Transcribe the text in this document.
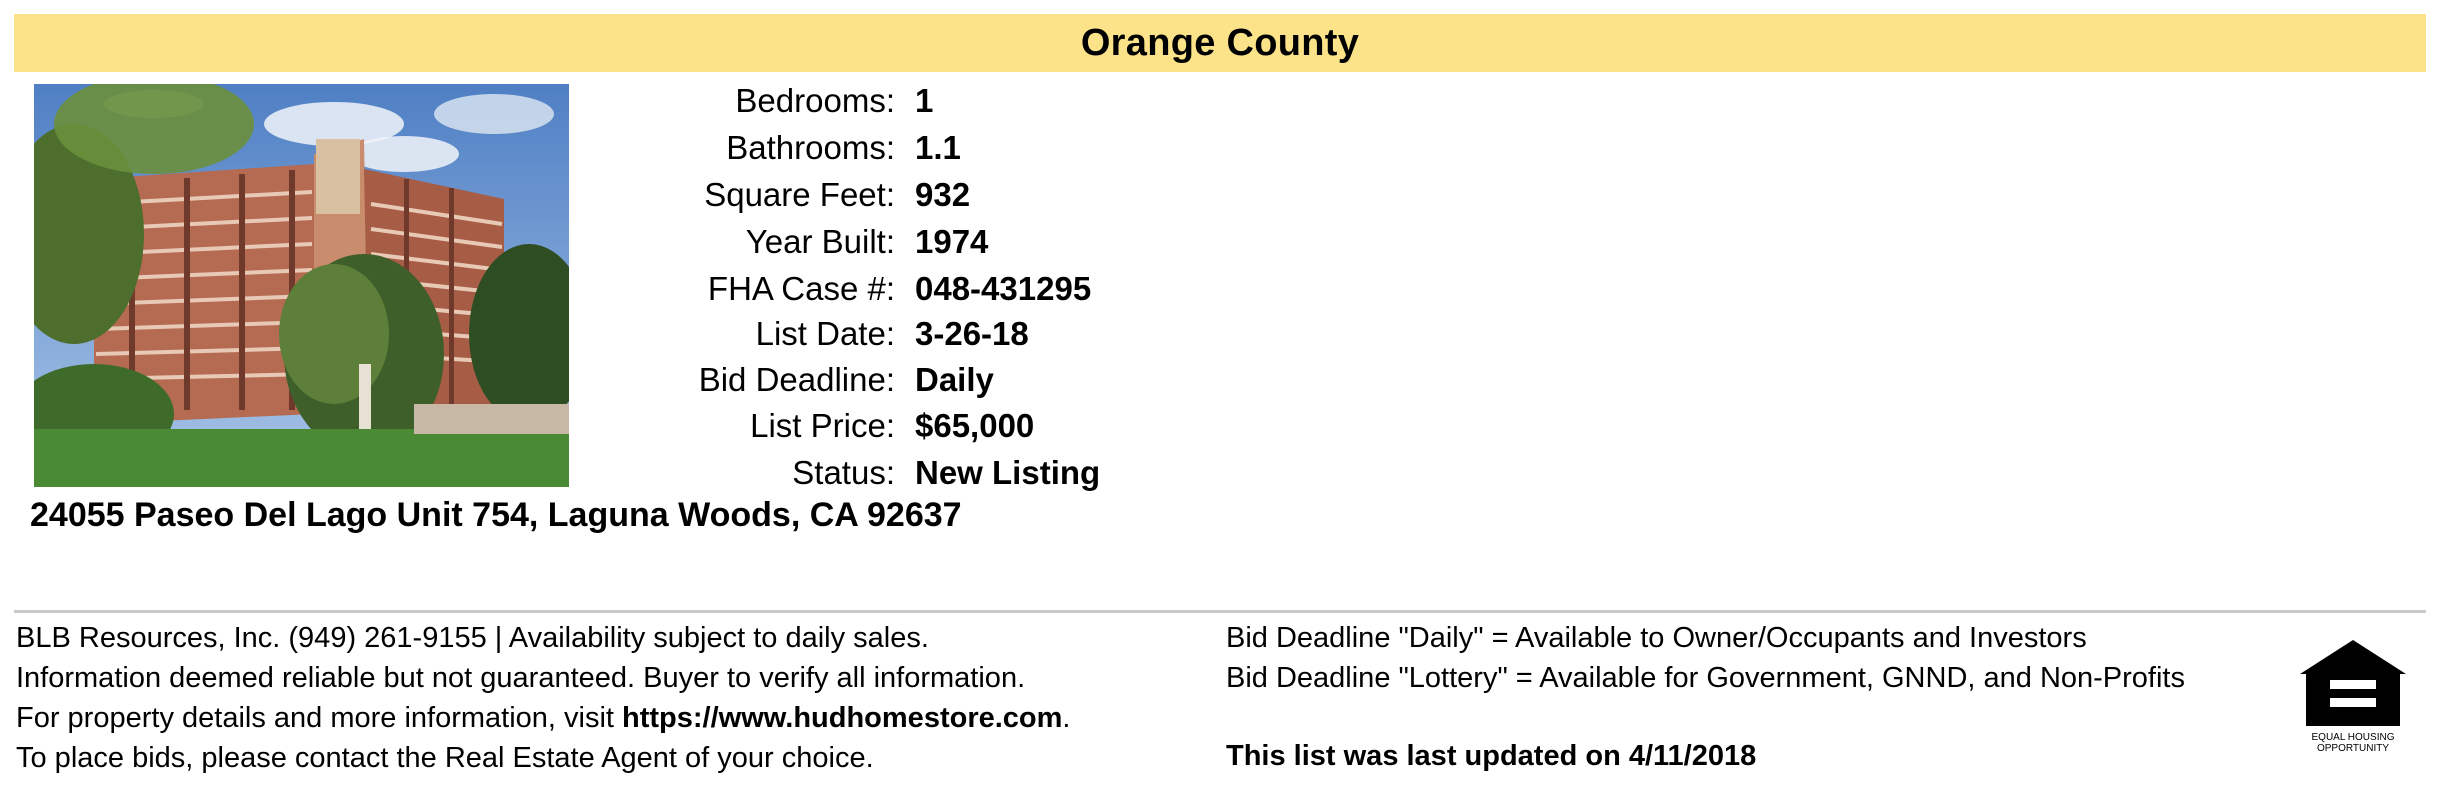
Orange County
Bedrooms: 1
Bathrooms: 1.1
Square Feet: 932
Year Built: 1974
FHA Case #: 048-431295
List Date: 3-26-18
Bid Deadline: Daily
List Price: $65,000
Status: New Listing
24055 Paseo Del Lago Unit 754, Laguna Woods, CA 92637
BLB Resources, Inc. (949) 261-9155 | Availability subject to daily sales.
Information deemed reliable but not guaranteed. Buyer to verify all information.
For property details and more information, visit https://www.hudhomestore.com.
To place bids, please contact the Real Estate Agent of your choice.
Bid Deadline "Daily" = Available to Owner/Occupants and Investors
Bid Deadline "Lottery" = Available for Government, GNND, and Non-Profits
This list was last updated on 4/11/2018
EQUAL HOUSING
OPPORTUNITY
